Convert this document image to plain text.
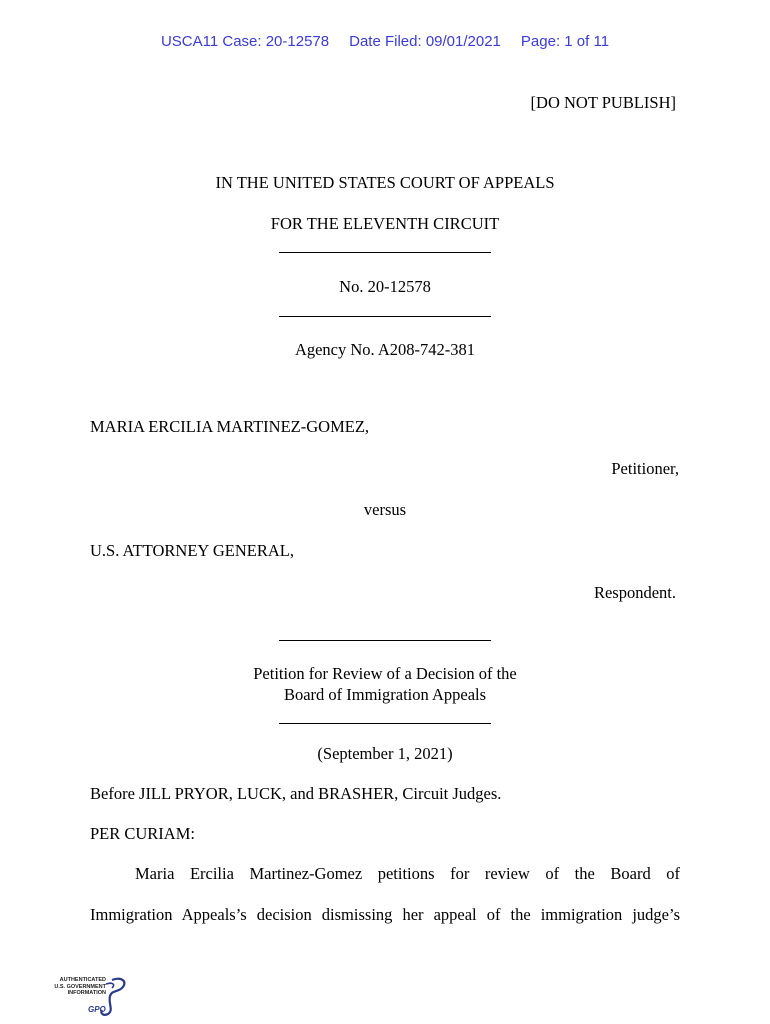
USCA11 Case: 20-12578 Date Filed: 09/01/2021 Page: 1 of 11
[DO NOT PUBLISH]
IN THE UNITED STATES COURT OF APPEALS
FOR THE ELEVENTH CIRCUIT
No. 20-12578
Agency No. A208-742-381
MARIA ERCILIA MARTINEZ-GOMEZ,
Petitioner,
versus
U.S. ATTORNEY GENERAL,
Respondent.
Petition for Review of a Decision of the
Board of Immigration Appeals
(September 1, 2021)
Before JILL PRYOR, LUCK, and BRASHER, Circuit Judges.
PER CURIAM:
Maria Ercilia Martinez-Gomez petitions for review of the Board of
Immigration Appeals’s decision dismissing her appeal of the immigration judge’s
AUTHENTICATED
U.S. GOVERNMENT
INFORMATION
GPO
